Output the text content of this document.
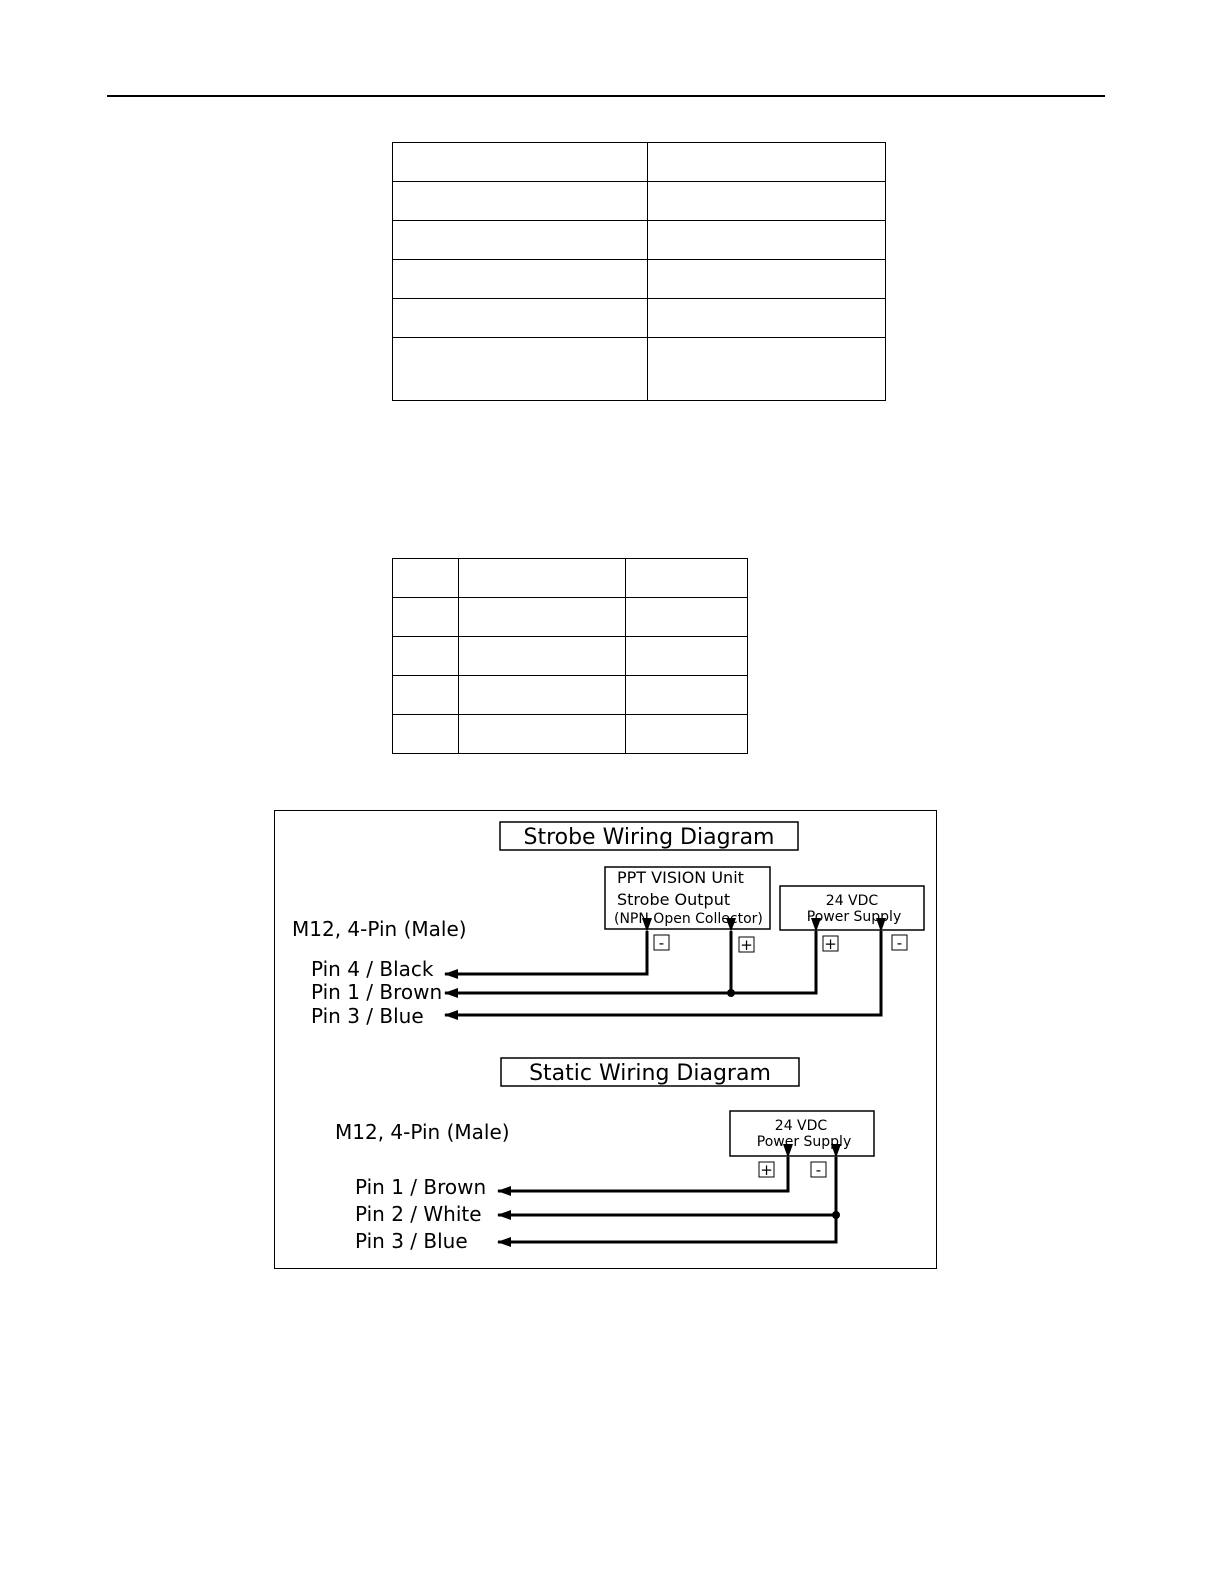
Strobe Wiring Diagram
M12, 4-Pin (Male)
PPT VISION Unit
Strobe Output
(NPN Open Collector)
24 VDC
Power Supply
-	+	+	-
Pin 4 / Black
Pin 1 / Brown
Pin 3 / Blue
Static Wiring Diagram
M12, 4-Pin (Male)	24 VDC
Power Supply
+	-
Pin 1 / Brown
Pin 2 / White
Pin 3 / Blue
